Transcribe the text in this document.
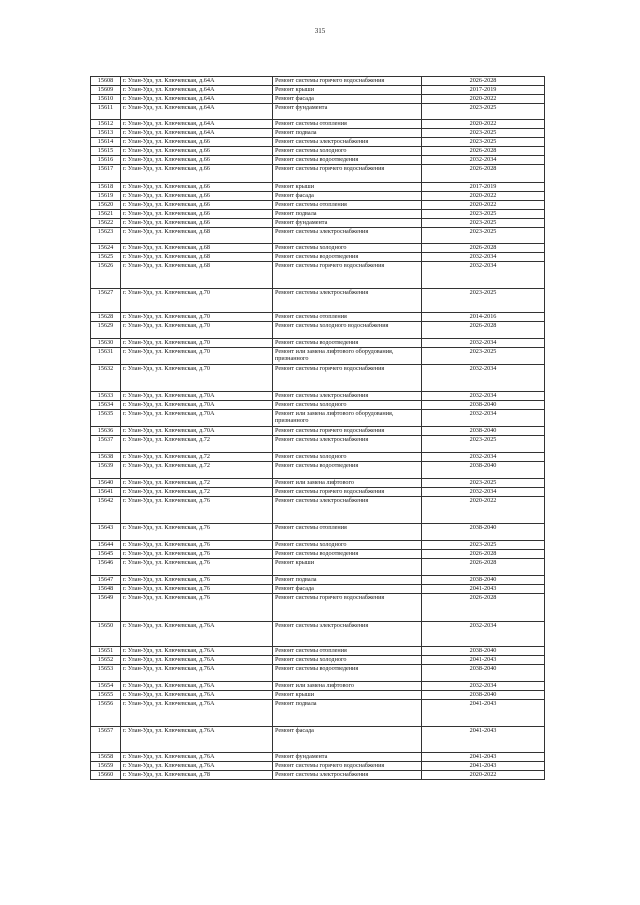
315
15608	г. Улан-Удэ, ул. Ключевская, д.64А	Ремонт системы горячего водоснабжения	2026-2028
15609	г. Улан-Удэ, ул. Ключевская, д.64А	Ремонт крыши	2017-2019
15610	г. Улан-Удэ, ул. Ключевская, д.64А	Ремонт фасада	2020-2022
15611	г. Улан-Удэ, ул. Ключевская, д.64А	Ремонт фундамента	2023-2025
15612	г. Улан-Удэ, ул. Ключевская, д.64А	Ремонт системы отопления	2020-2022
15613	г. Улан-Удэ, ул. Ключевская, д.64А	Ремонт подвала	2023-2025
15614	г. Улан-Удэ, ул. Ключевская, д.66	Ремонт системы электроснабжения	2023-2025
15615	г. Улан-Удэ, ул. Ключевская, д.66	Ремонт системы холодного	2026-2028
15616	г. Улан-Удэ, ул. Ключевская, д.66	Ремонт системы водоотведения	2032-2034
15617	г. Улан-Удэ, ул. Ключевская, д.66	Ремонт системы горячего водоснабжения	2026-2028
15618	г. Улан-Удэ, ул. Ключевская, д.66	Ремонт крыши	2017-2019
15619	г. Улан-Удэ, ул. Ключевская, д.66	Ремонт фасада	2020-2022
15620	г. Улан-Удэ, ул. Ключевская, д.66	Ремонт системы отопления	2020-2022
15621	г. Улан-Удэ, ул. Ключевская, д.66	Ремонт подвала	2023-2025
15622	г. Улан-Удэ, ул. Ключевская, д.66	Ремонт фундамента	2023-2025
15623	г. Улан-Удэ, ул. Ключевская, д.68	Ремонт системы электроснабжения	2023-2025
15624	г. Улан-Удэ, ул. Ключевская, д.68	Ремонт системы холодного	2026-2028
15625	г. Улан-Удэ, ул. Ключевская, д.68	Ремонт системы водоотведения	2032-2034
15626	г. Улан-Удэ, ул. Ключевская, д.68	Ремонт системы горячего водоснабжения	2032-2034
15627	г. Улан-Удэ, ул. Ключевская, д.70	Ремонт системы электроснабжения	2023-2025
15628	г. Улан-Удэ, ул. Ключевская, д.70	Ремонт системы отопления	2014-2016
15629	г. Улан-Удэ, ул. Ключевская, д.70	Ремонт системы холодного водоснабжения	2026-2028
15630	г. Улан-Удэ, ул. Ключевская, д.70	Ремонт системы водоотведения	2032-2034
15631	г. Улан-Удэ, ул. Ключевская, д.70	Ремонт или замена лифтового оборудования, признанного	2023-2025
15632	г. Улан-Удэ, ул. Ключевская, д.70	Ремонт системы горячего водоснабжения	2032-2034
15633	г. Улан-Удэ, ул. Ключевская, д.70А	Ремонт системы электроснабжения	2032-2034
15634	г. Улан-Удэ, ул. Ключевская, д.70А	Ремонт системы холодного	2038-2040
15635	г. Улан-Удэ, ул. Ключевская, д.70А	Ремонт или замена лифтового оборудования, признанного	2032-2034
15636	г. Улан-Удэ, ул. Ключевская, д.70А	Ремонт системы горячего водоснабжения	2038-2040
15637	г. Улан-Удэ, ул. Ключевская, д.72	Ремонт системы электроснабжения	2023-2025
15638	г. Улан-Удэ, ул. Ключевская, д.72	Ремонт системы холодного	2032-2034
15639	г. Улан-Удэ, ул. Ключевская, д.72	Ремонт системы водоотведения	2038-2040
15640	г. Улан-Удэ, ул. Ключевская, д.72	Ремонт или замена лифтового	2023-2025
15641	г. Улан-Удэ, ул. Ключевская, д.72	Ремонт системы горячего водоснабжения	2032-2034
15642	г. Улан-Удэ, ул. Ключевская, д.76	Ремонт системы электроснабжения	2020-2022
15643	г. Улан-Удэ, ул. Ключевская, д.76	Ремонт системы отопления	2038-2040
15644	г. Улан-Удэ, ул. Ключевская, д.76	Ремонт системы холодного	2023-2025
15645	г. Улан-Удэ, ул. Ключевская, д.76	Ремонт системы водоотведения	2026-2028
15646	г. Улан-Удэ, ул. Ключевская, д.76	Ремонт крыши	2026-2028
15647	г. Улан-Удэ, ул. Ключевская, д.76	Ремонт подвала	2038-2040
15648	г. Улан-Удэ, ул. Ключевская, д.76	Ремонт фасада	2041-2043
15649	г. Улан-Удэ, ул. Ключевская, д.76	Ремонт системы горячего водоснабжения	2026-2028
15650	г. Улан-Удэ, ул. Ключевская, д.76А	Ремонт системы электроснабжения	2032-2034
15651	г. Улан-Удэ, ул. Ключевская, д.76А	Ремонт системы отопления	2038-2040
15652	г. Улан-Удэ, ул. Ключевская, д.76А	Ремонт системы холодного	2041-2043
15653	г. Улан-Удэ, ул. Ключевская, д.76А	Ремонт системы водоотведения	2038-2040
15654	г. Улан-Удэ, ул. Ключевская, д.76А	Ремонт или замена лифтового	2032-2034
15655	г. Улан-Удэ, ул. Ключевская, д.76А	Ремонт крыши	2038-2040
15656	г. Улан-Удэ, ул. Ключевская, д.76А	Ремонт подвала	2041-2043
15657	г. Улан-Удэ, ул. Ключевская, д.76А	Ремонт фасада	2041-2043
15658	г. Улан-Удэ, ул. Ключевская, д.76А	Ремонт фундамента	2041-2043
15659	г. Улан-Удэ, ул. Ключевская, д.76А	Ремонт системы горячего водоснабжения	2041-2043
15660	г. Улан-Удэ, ул. Ключевская, д.78	Ремонт системы электроснабжения	2020-2022
